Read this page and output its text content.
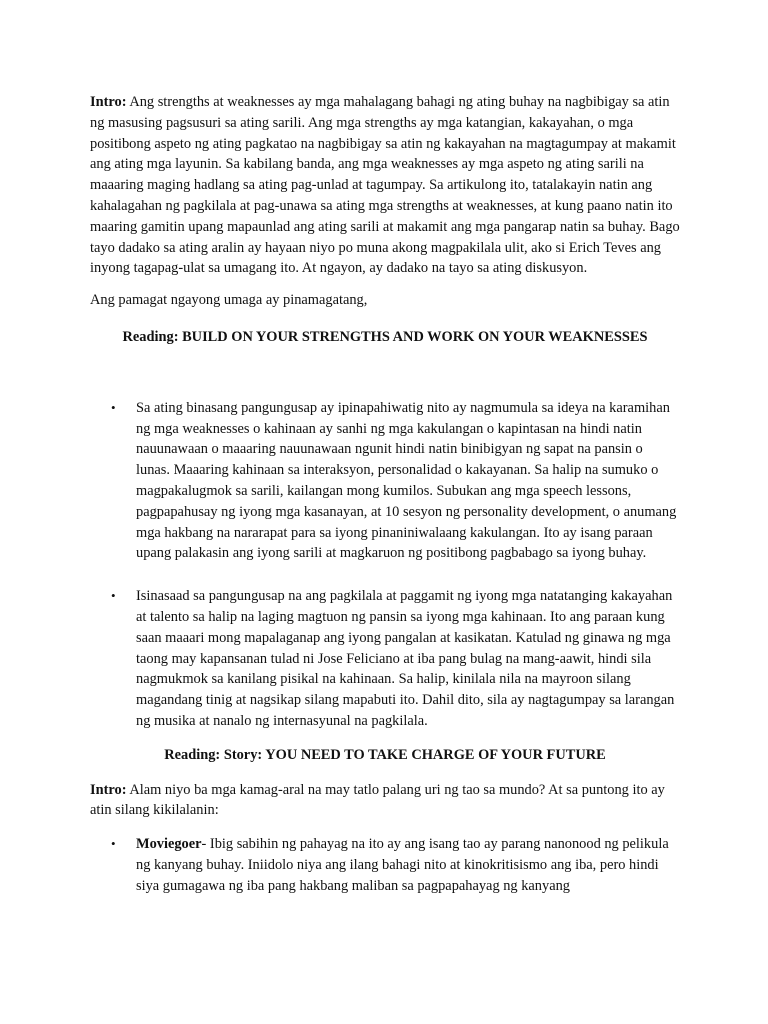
Intro: Ang strengths at weaknesses ay mga mahalagang bahagi ng ating buhay na nagbibigay sa atin ng masusing pagsusuri sa ating sarili. Ang mga strengths ay mga katangian, kakayahan, o mga positibong aspeto ng ating pagkatao na nagbibigay sa atin ng kakayahan na magtagumpay at makamit ang ating mga layunin. Sa kabilang banda, ang mga weaknesses ay mga aspeto ng ating sarili na maaaring maging hadlang sa ating pag-unlad at tagumpay. Sa artikulong ito, tatalakayin natin ang kahalagahan ng pagkilala at pag-unawa sa ating mga strengths at weaknesses, at kung paano natin ito maaring gamitin upang mapaunlad ang ating sarili at makamit ang mga pangarap natin sa buhay. Bago tayo dadako sa ating aralin ay hayaan niyo po muna akong magpakilala ulit, ako si Erich Teves ang inyong tagapag-ulat sa umagang ito. At ngayon, ay dadako na tayo sa ating diskusyon.

Ang pamagat ngayong umaga ay pinamagatang,

Reading: BUILD ON YOUR STRENGTHS AND WORK ON YOUR WEAKNESSES

• Sa ating binasang pangungusap ay ipinapahiwatig nito ay nagmumula sa ideya na karamihan ng mga weaknesses o kahinaan ay sanhi ng mga kakulangan o kapintasan na hindi natin nauunawaan o maaaring nauunawaan ngunit hindi natin binibigyan ng sapat na pansin o lunas. Maaaring kahinaan sa interaksyon, personalidad o kakayanan. Sa halip na sumuko o magpakalugmok sa sarili, kailangan mong kumilos. Subukan ang mga speech lessons, pagpapahusay ng iyong mga kasanayan, at 10 sesyon ng personality development, o anumang mga hakbang na nararapat para sa iyong pinaniniwalaang kakulangan. Ito ay isang paraan upang palakasin ang iyong sarili at magkaruon ng positibong pagbabago sa iyong buhay.
• Isinasaad sa pangungusap na ang pagkilala at paggamit ng iyong mga natatanging kakayahan at talento sa halip na laging magtuon ng pansin sa iyong mga kahinaan. Ito ang paraan kung saan maaari mong mapalaganap ang iyong pangalan at kasikatan. Katulad ng ginawa ng mga taong may kapansanan tulad ni Jose Feliciano at iba pang bulag na mang-aawit, hindi sila nagmukmok sa kanilang pisikal na kahinaan. Sa halip, kinilala nila na mayroon silang magandang tinig at nagsikap silang mapabuti ito. Dahil dito, sila ay nagtagumpay sa larangan ng musika at nanalo ng internasyunal na pagkilala.

Reading: Story: YOU NEED TO TAKE CHARGE OF YOUR FUTURE

Intro: Alam niyo ba mga kamag-aral na may tatlo palang uri ng tao sa mundo? At sa puntong ito ay atin silang kikilalanin:

• Moviegoer- Ibig sabihin ng pahayag na ito ay ang isang tao ay parang nanonood ng pelikula ng kanyang buhay. Iniidolo niya ang ilang bahagi nito at kinokritisismo ang iba, pero hindi siya gumagawa ng iba pang hakbang maliban sa pagpapahayag ng kanyang
